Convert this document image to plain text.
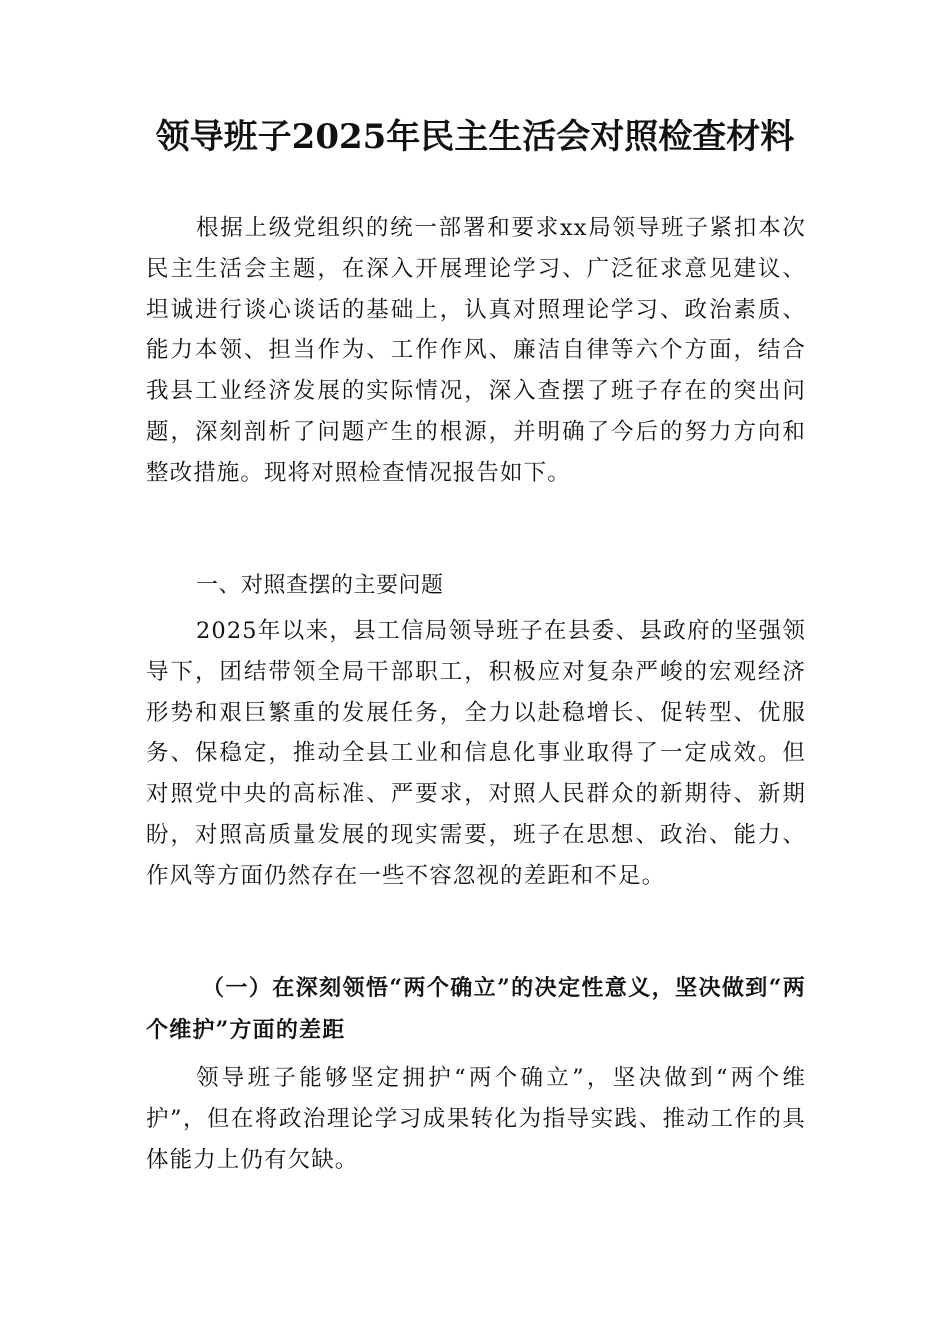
领导班子2025年民主生活会对照检查材料

根据上级党组织的统一部署和要求xx局领导班子紧扣本次民主生活会主题，在深入开展理论学习、广泛征求意见建议、坦诚进行谈心谈话的基础上，认真对照理论学习、政治素质、能力本领、担当作为、工作作风、廉洁自律等六个方面，结合我县工业经济发展的实际情况，深入查摆了班子存在的突出问题，深刻剖析了问题产生的根源，并明确了今后的努力方向和整改措施。现将对照检查情况报告如下。

一、对照查摆的主要问题

2025年以来，县工信局领导班子在县委、县政府的坚强领导下，团结带领全局干部职工，积极应对复杂严峻的宏观经济形势和艰巨繁重的发展任务，全力以赴稳增长、促转型、优服务、保稳定，推动全县工业和信息化事业取得了一定成效。但对照党中央的高标准、严要求，对照人民群众的新期待、新期盼，对照高质量发展的现实需要，班子在思想、政治、能力、作风等方面仍然存在一些不容忽视的差距和不足。

（一）在深刻领悟“两个确立”的决定性意义，坚决做到“两个维护”方面的差距

领导班子能够坚定拥护“两个确立”，坚决做到“两个维护”，但在将政治理论学习成果转化为指导实践、推动工作的具体能力上仍有欠缺。
